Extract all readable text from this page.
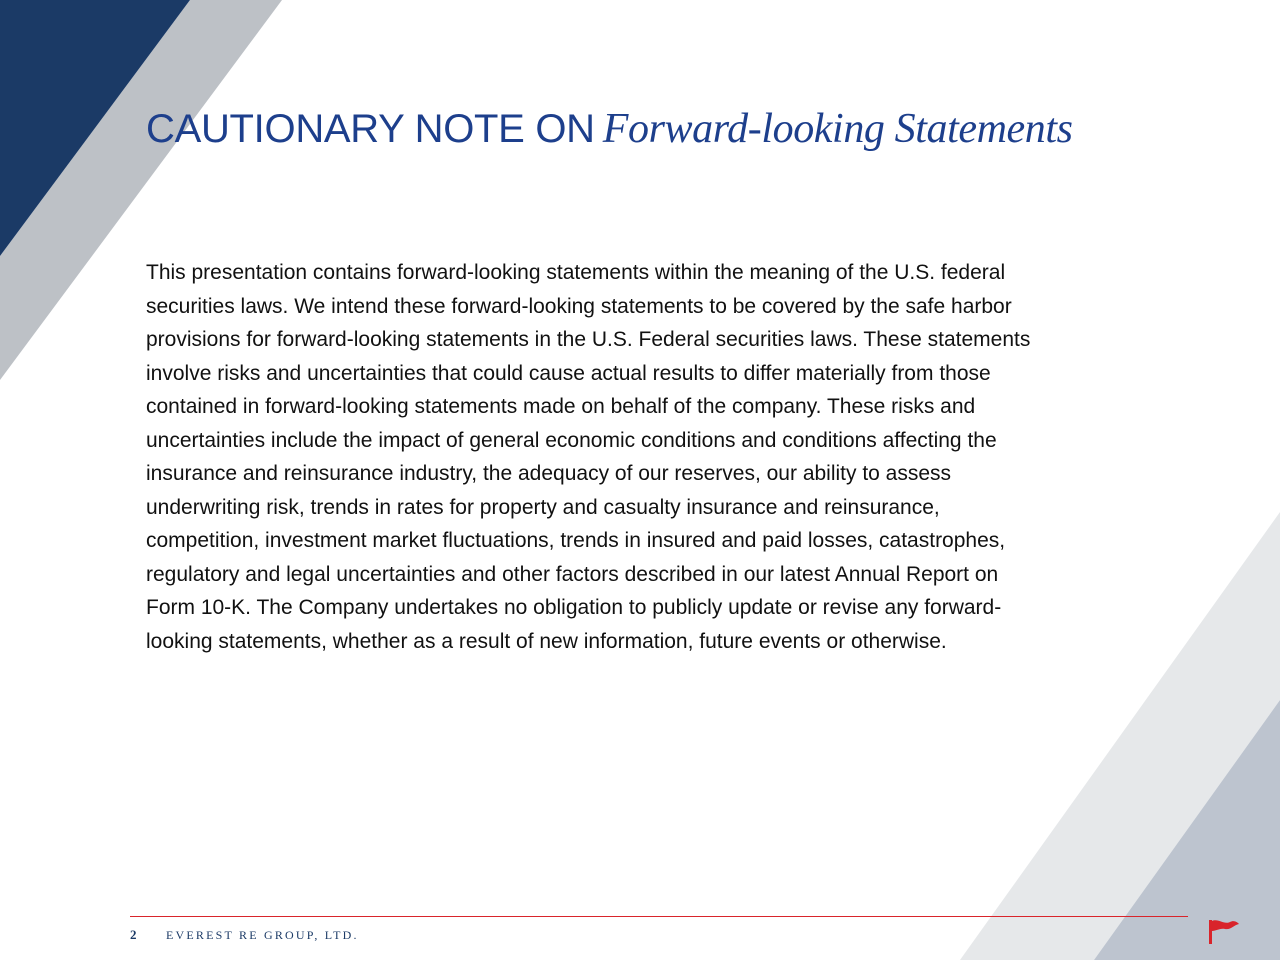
CAUTIONARY NOTE ON Forward-looking Statements

This presentation contains forward-looking statements within the meaning of the U.S. federal
securities laws. We intend these forward-looking statements to be covered by the safe harbor
provisions for forward-looking statements in the U.S. Federal securities laws. These statements
involve risks and uncertainties that could cause actual results to differ materially from those
contained in forward-looking statements made on behalf of the company. These risks and
uncertainties include the impact of general economic conditions and conditions affecting the
insurance and reinsurance industry, the adequacy of our reserves, our ability to assess
underwriting risk, trends in rates for property and casualty insurance and reinsurance,
competition, investment market fluctuations, trends in insured and paid losses, catastrophes,
regulatory and legal uncertainties and other factors described in our latest Annual Report on
Form 10-K. The Company undertakes no obligation to publicly update or revise any forward-
looking statements, whether as a result of new information, future events or otherwise.

2 EVEREST RE GROUP, LTD.
